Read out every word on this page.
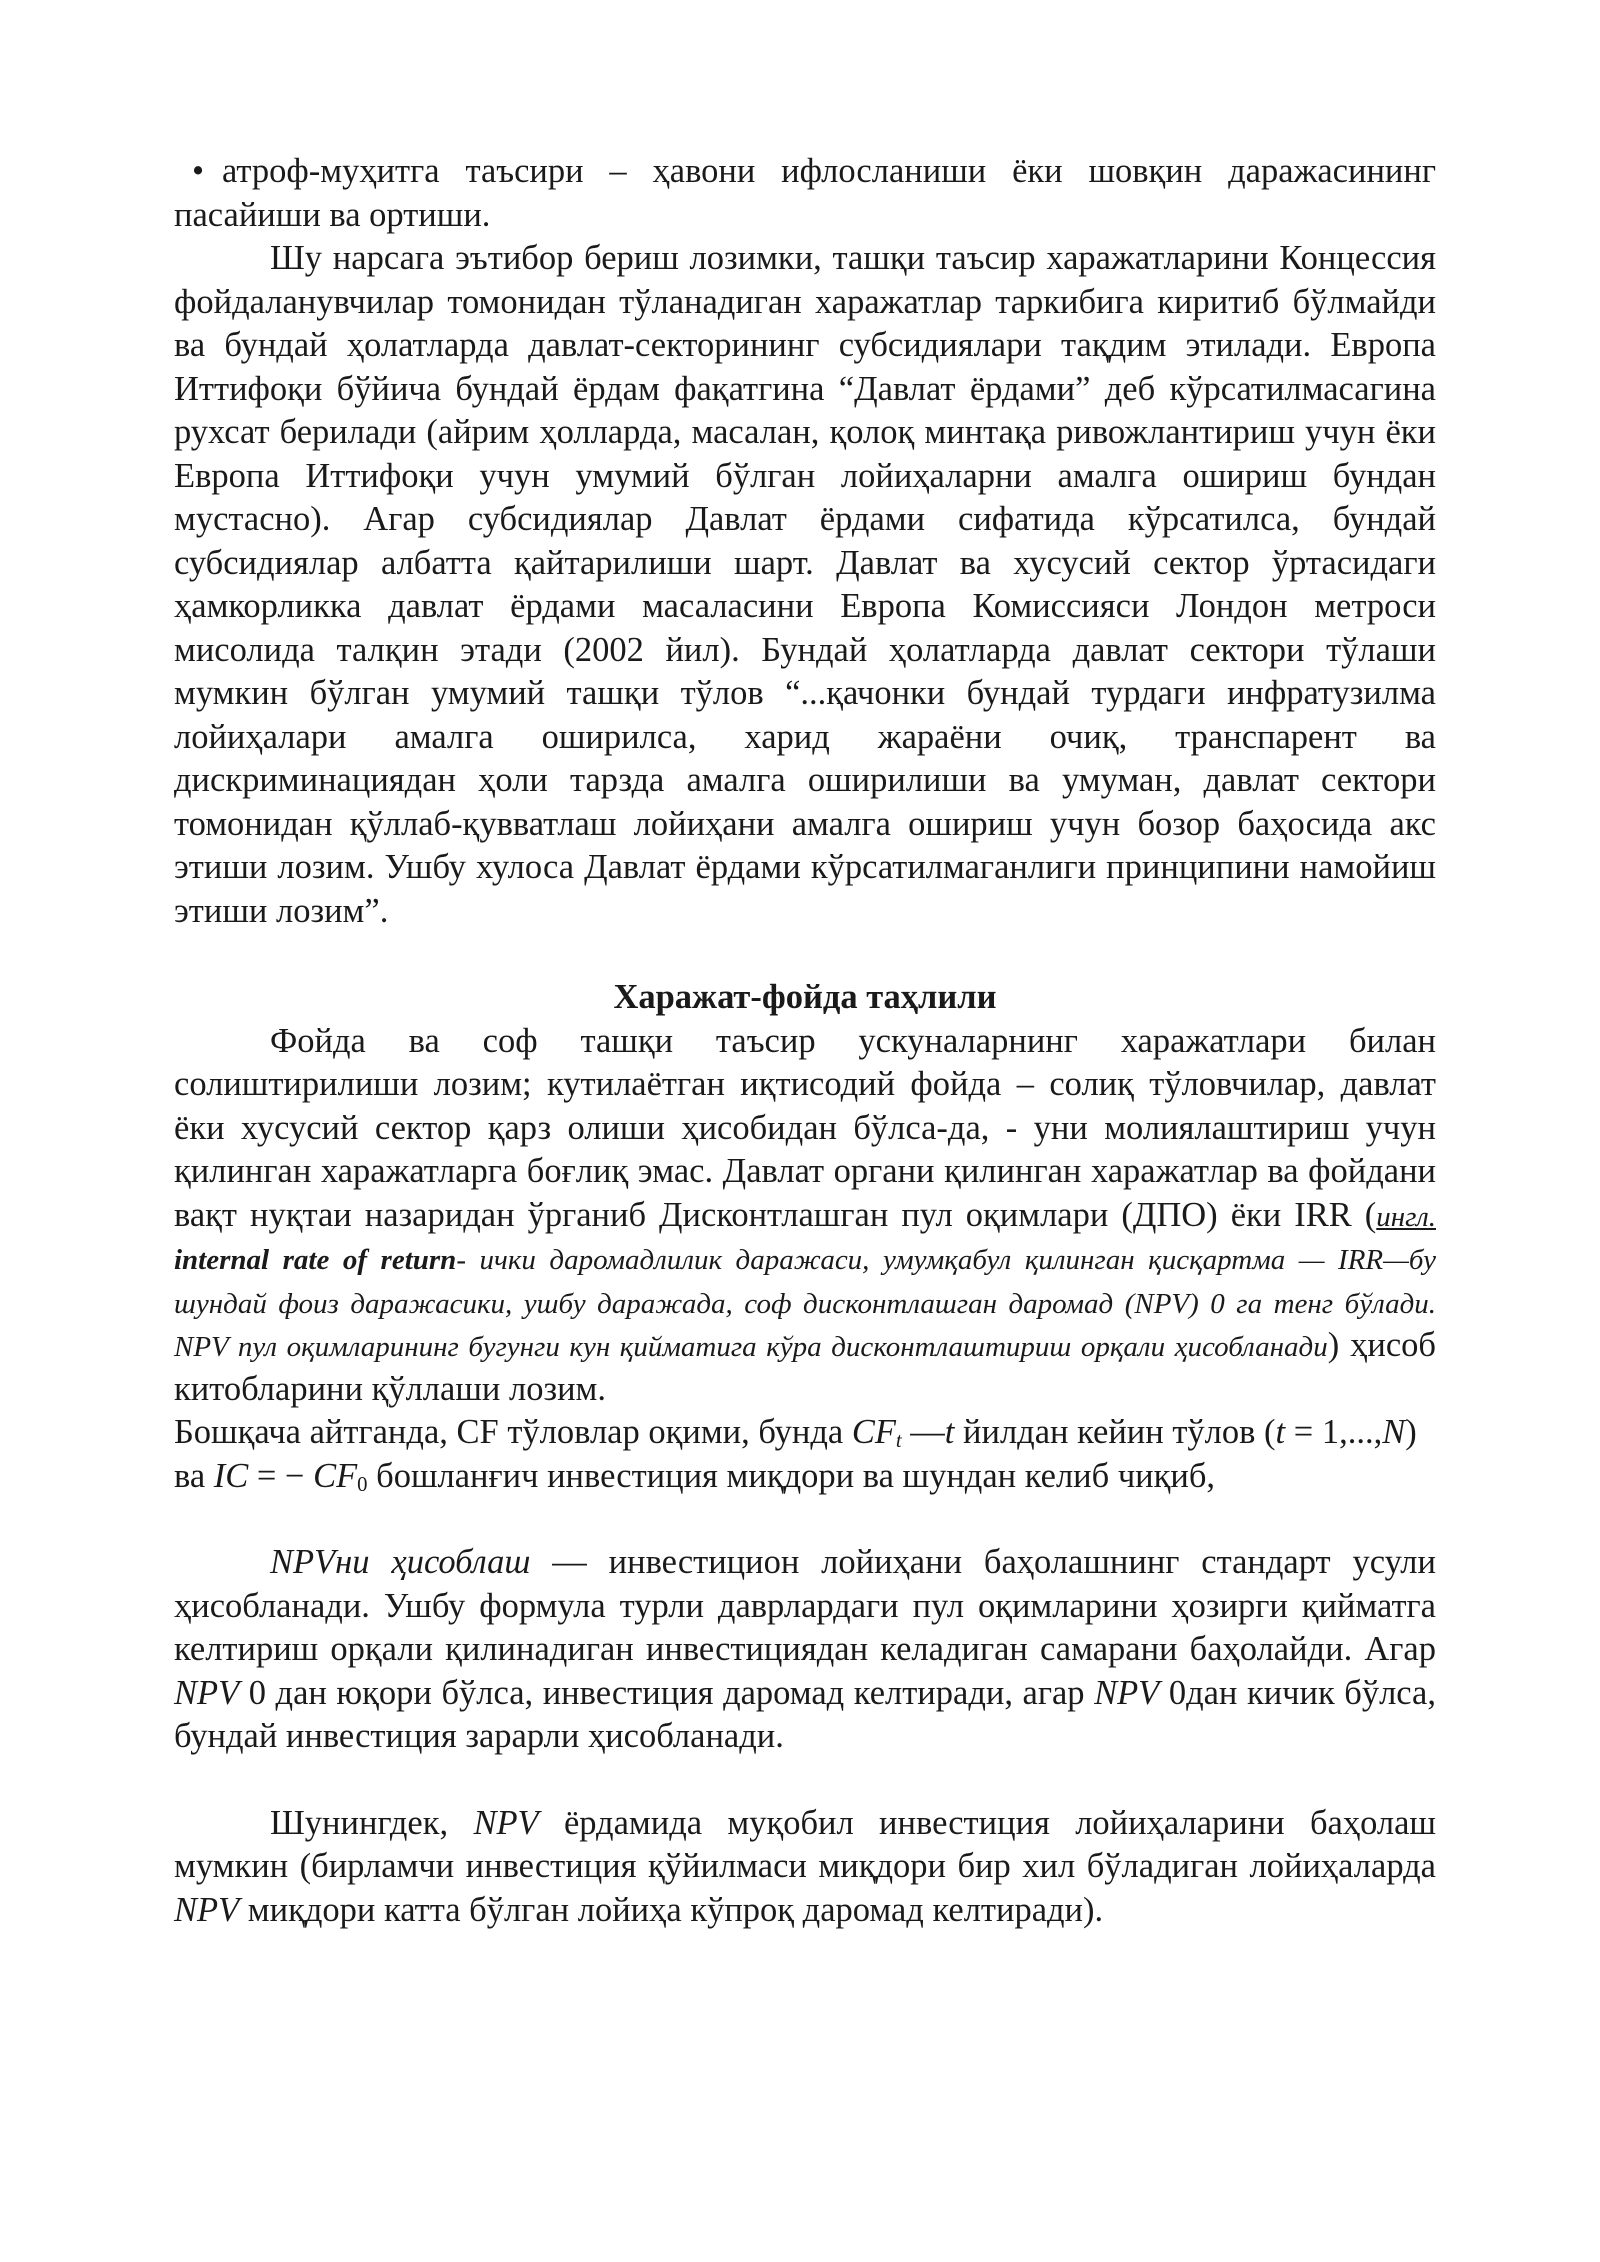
• атроф-муҳитга таъсири – ҳавони ифлосланиши ёки шовқин даражасининг пасайиши ва ортиши.

Шу нарсага эътибор бериш лозимки, ташқи таъсир харажатларини Концессия фойдаланувчилар томонидан тўланадиган харажатлар таркибига киритиб бўлмайди ва бундай ҳолатларда давлат-секторининг субсидиялари тақдим этилади. Европа Иттифоқи бўйича бундай ёрдам фақатгина “Давлат ёрдами” деб кўрсатилмасагина рухсат берилади (айрим ҳолларда, масалан, қолоқ минтақа ривожлантириш учун ёки Европа Иттифоқи учун умумий бўлган лойиҳаларни амалга ошириш бундан мустасно). Агар субсидиялар Давлат ёрдами сифатида кўрсатилса, бундай субсидиялар албатта қайтарилиши шарт. Давлат ва хусусий сектор ўртасидаги ҳамкорликка давлат ёрдами масаласини Европа Комиссияси Лондон метроси мисолида талқин этади (2002 йил). Бундай ҳолатларда давлат сектори тўлаши мумкин бўлган умумий ташқи тўлов “...қачонки бундай турдаги инфратузилма лойиҳалари амалга оширилса, харид жараёни очиқ, транспарент ва дискриминациядан ҳоли тарзда амалга оширилиши ва умуман, давлат сектори томонидан қўллаб-қувватлаш лойиҳани амалга ошириш учун бозор баҳосида акс этиши лозим. Ушбу хулоса Давлат ёрдами кўрсатилмаганлиги принципини намойиш этиши лозим”.

Харажат-фойда таҳлили

Фойда ва соф ташқи таъсир ускуналарнинг харажатлари билан солиштирилиши лозим; кутилаётган иқтисодий фойда – солиқ тўловчилар, давлат ёки хусусий сектор қарз олиши ҳисобидан бўлса-да, - уни молиялаштириш учун қилинган харажатларга боғлиқ эмас. Давлат органи қилинган харажатлар ва фойдани вақт нуқтаи назаридан ўрганиб Дисконтлашган пул оқимлари (ДПО) ёки IRR (ингл. internal rate of return- ички даромадлилик даражаси, умумқабул қилинган қисқартма — IRR—бу шундай фоиз даражасики, ушбу даражада, соф дисконтлашган даромад (NPV) 0 га тенг бўлади. NPV пул оқимларининг бугунги кун қийматига кўра дисконтлаштириш орқали ҳисобланади) ҳисоб китобларини қўллаши лозим.

Бошқача айтганда, CF тўловлар оқими, бунда $CF_t$ —t йилдан кейин тўлов (t = 1,...,N) ва IC = − $CF_0$ бошланғич инвестиция миқдори ва шундан келиб чиқиб,

NPVни ҳисоблаш — инвестицион лойиҳани баҳолашнинг стандарт усули ҳисобланади. Ушбу формула турли даврлардаги пул оқимларини ҳозирги қийматга келтириш орқали қилинадиган инвестициядан келадиган самарани баҳолайди. Агар NPV 0 дан юқори бўлса, инвестиция даромад келтиради, агар NPV 0дан кичик бўлса, бундай инвестиция зарарли ҳисобланади.

Шунингдек, NPV ёрдамида муқобил инвестиция лойиҳаларини баҳолаш мумкин (бирламчи инвестиция қўйилмаси миқдори бир хил бўладиган лойиҳаларда NPV миқдори катта бўлган лойиҳа кўпроқ даромад келтиради).
